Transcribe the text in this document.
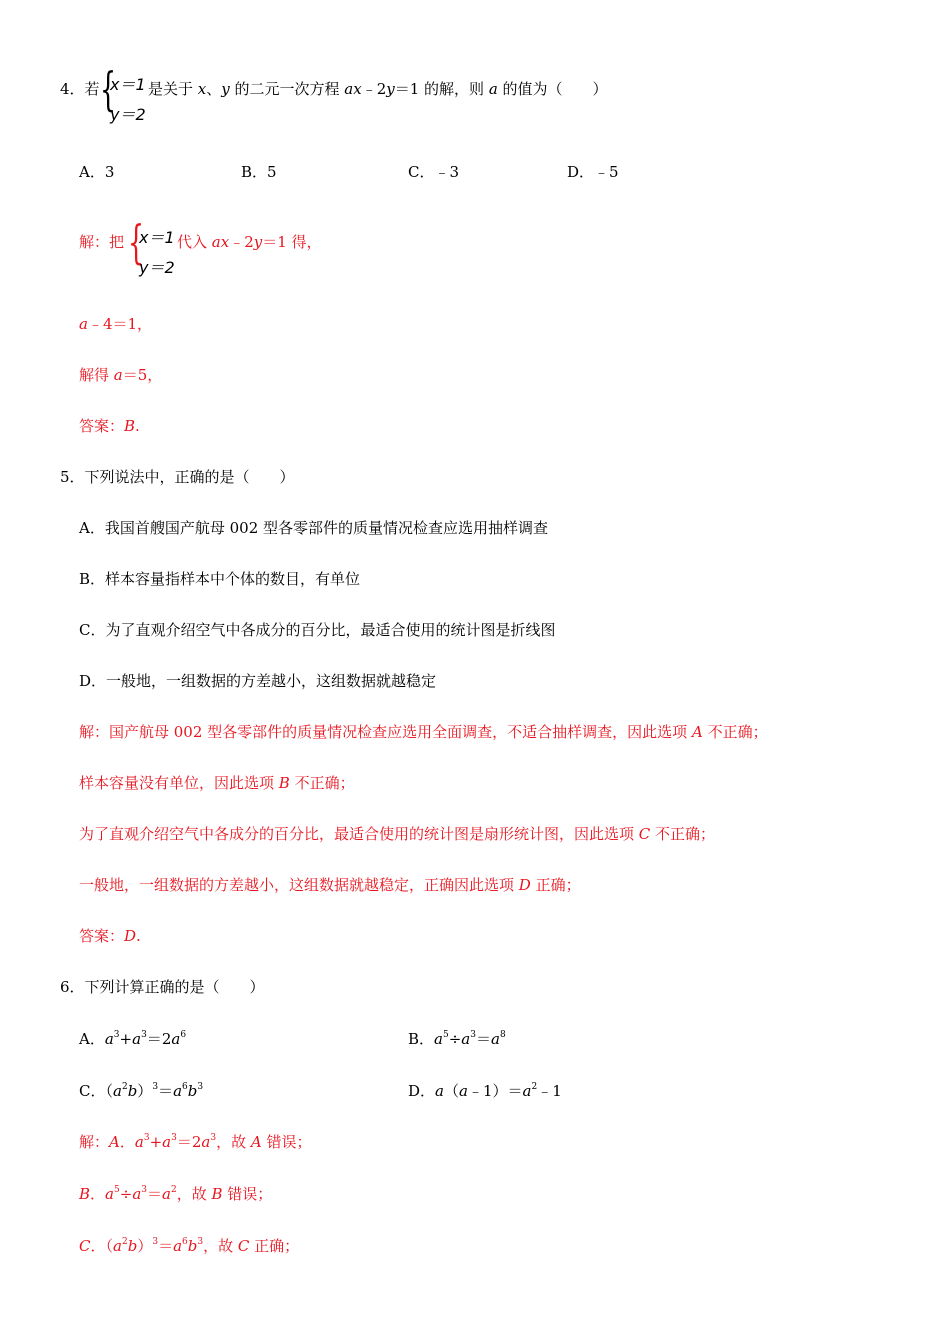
4．若 {
x＝1
y＝2
是关于 x、y 的二元一次方程 ax﹣2y＝1 的解，则 a 的值为（　　）
A．3	B．5	C．﹣3	D．﹣5
解：把 {
x＝1
y＝2
代入 ax﹣2y＝1 得，
a﹣4＝1，
解得 a＝5，
答案：B.
5．下列说法中，正确的是（　　）
A．我国首艘国产航母 002 型各零部件的质量情况检查应选用抽样调查
B．样本容量指样本中个体的数目，有单位
C．为了直观介绍空气中各成分的百分比，最适合使用的统计图是折线图
D．一般地，一组数据的方差越小，这组数据就越稳定
解：国产航母 002 型各零部件的质量情况检查应选用全面调查，不适合抽样调查，因此选项 A 不正确；
样本容量没有单位，因此选项 B 不正确；
为了直观介绍空气中各成分的百分比，最适合使用的统计图是扇形统计图，因此选项 C 不正确；
一般地，一组数据的方差越小，这组数据就越稳定，正确因此选项 D 正确；
答案：D.
6．下列计算正确的是（　　）
A．$a^3+a^3=2a^6$	B．$a^5\div a^3=a^8$
C．$(a^2b)^3=a^6b^3$	D．$a(a﹣1)=a^2﹣1$
解：A．$a^3+a^3=2a^3$，故 A 错误；
B．$a^5\div a^3=a^2$，故 B 错误；
C．$(a^2b)^3=a^6b^3$，故 C 正确；
